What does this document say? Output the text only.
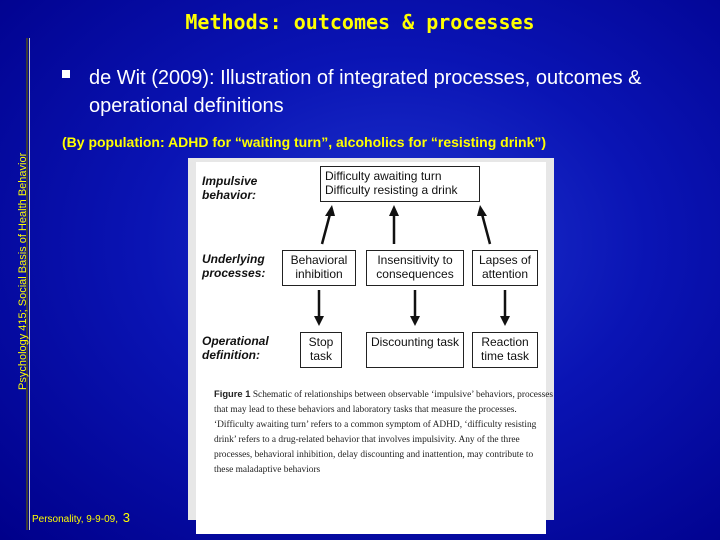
Psychology 415; Social Basis of Health Behavior
Methods: outcomes & processes
de Wit (2009): Illustration of integrated processes, outcomes & operational definitions
(By population: ADHD for “waiting turn”, alcoholics for “resisting drink”)
Impulsive behavior:
Underlying processes:
Operational definition:
Difficulty awaiting turn
Difficulty resisting a drink
Behavioral inhibition
Insensitivity to consequences
Lapses of attention
Stop task
Discounting task	Reaction time task
Figure 1 Schematic of relationships between observable ‘impulsive’ behaviors, processes that may lead to these behaviors and laboratory tasks that measure the processes. ‘Difficulty awaiting turn’ refers to a common symptom of ADHD, ‘difficulty resisting drink’ refers to a drug-related behavior that involves impulsivity. Any of the three processes, behavioral inhibition, delay discounting and inattention, may contribute to these maladaptive behaviors
Personality, 9-9-09, 3
